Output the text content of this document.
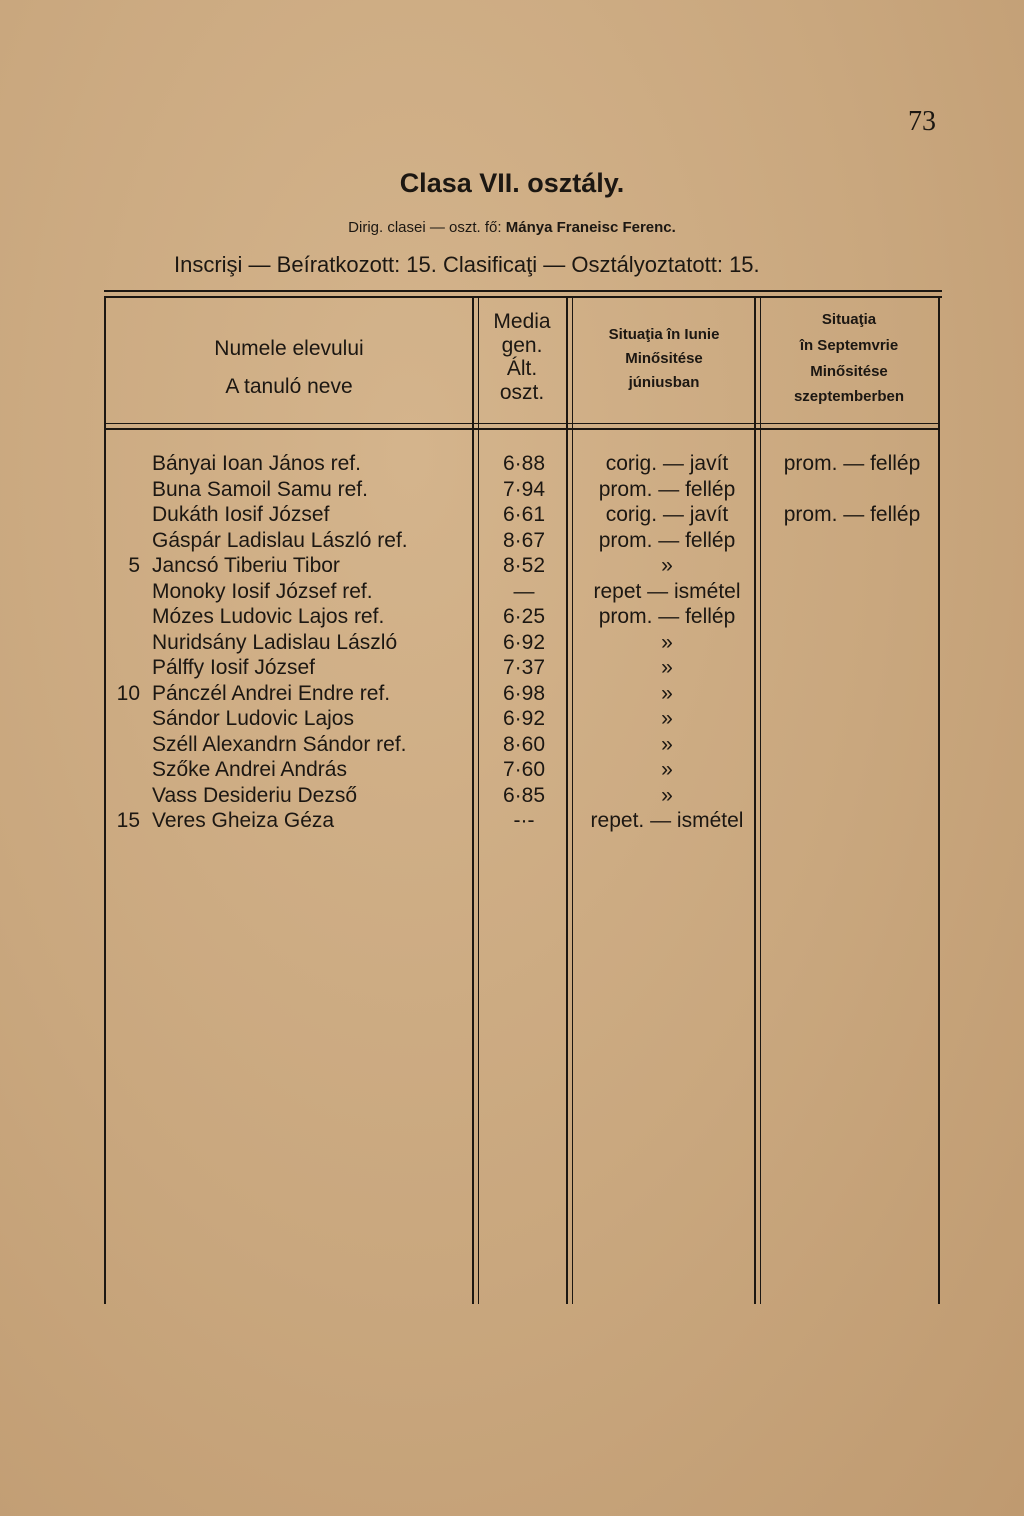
73
Clasa VII. osztály.
Dirig. clasei — oszt. fő: Mánya Franeisc Ferenc.
Inscrişi — Beíratkozott: 15. Clasificaţi — Osztályoztatott: 15.
Numele elevului
A tanuló neve
Media
gen.
Ált.
oszt.
Situaţia în Iunie
Minősitése
júniusban
Situaţia
în Septemvrie
Minősitése
szeptemberben
5
10
15
Bányai Ioan János ref.
Buna Samoil Samu ref.
Dukáth Iosif József
Gáspár Ladislau László ref.
Jancsó Tiberiu Tibor
Monoky Iosif József ref.
Mózes Ludovic Lajos ref.
Nuridsány Ladislau László
Pálffy Iosif József
Pánczél Andrei Endre ref.
Sándor Ludovic Lajos
Széll Alexandrn Sándor ref.
Szőke Andrei András
Vass Desideriu Dezső
Veres Gheiza Géza
6·88
7·94
6·61
8·67
8·52
—
6·25
6·92
7·37
6·98
6·92
8·60
7·60
6·85
-·-
corig. — javít
prom. — fellép
corig. — javít
prom. — fellép
»
repet — ismétel
prom. — fellép
»
»
»
»
»
»
»
repet. — ismétel
prom. — fellép
prom. — fellép
